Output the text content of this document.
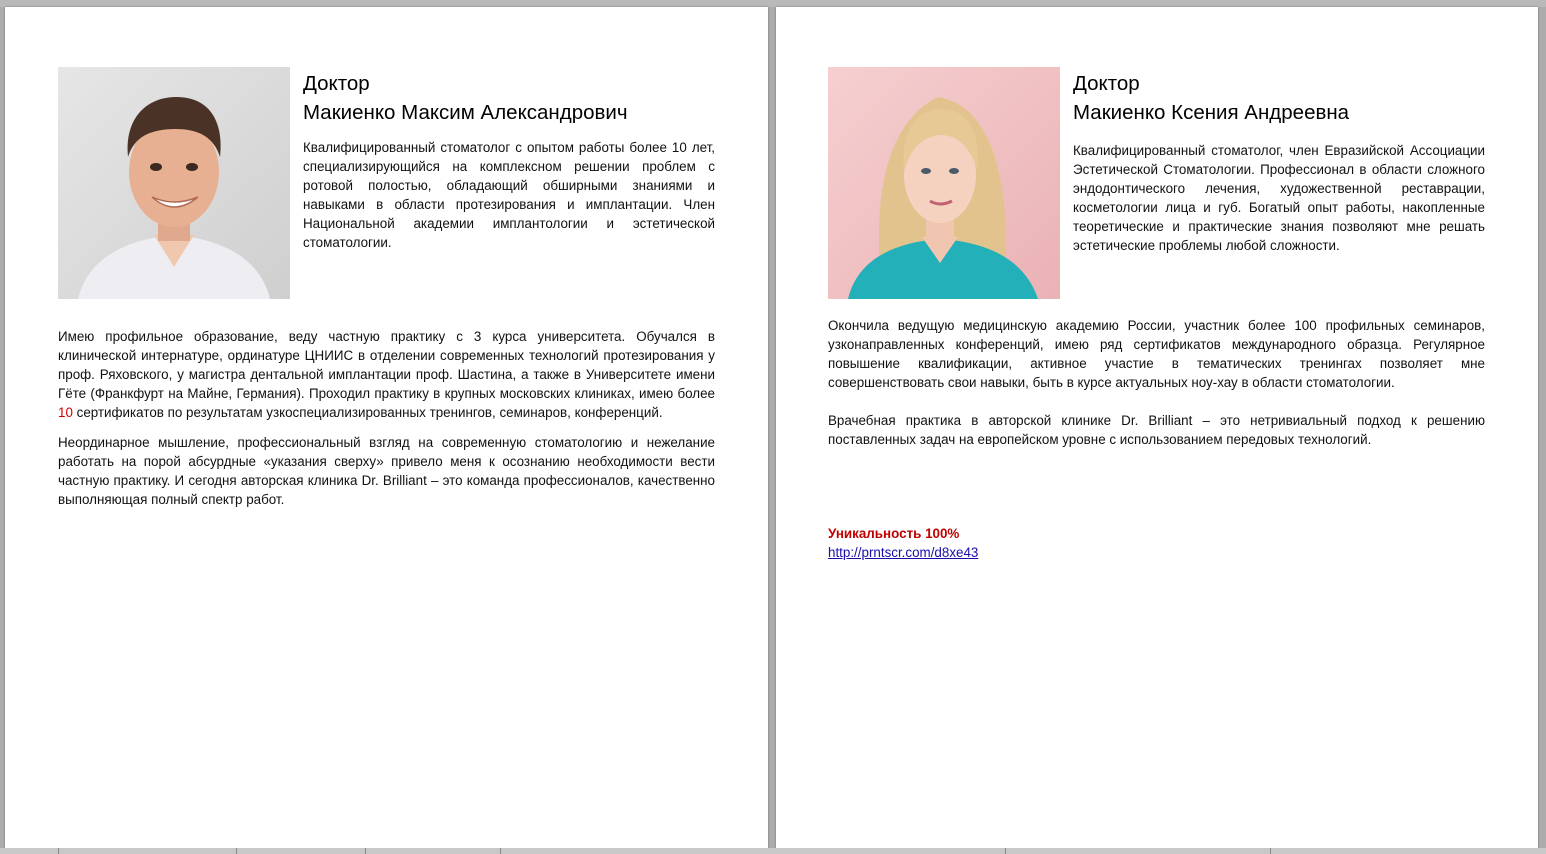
Доктор
Макиенко Максим Александрович

Квалифицированный стоматолог с опытом работы более 10 лет, специализирующийся на комплексном решении проблем с ротовой полостью, обладающий обширными знаниями и навыками в области протезирования и имплантации. Член Национальной академии имплантологии и эстетической стоматологии.

Имею профильное образование, веду частную практику с 3 курса университета. Обучался в клинической интернатуре, ординатуре ЦНИИС в отделении современных технологий протезирования у проф. Ряховского, у магистра дентальной имплантации проф. Шастина, а также в Университете имени Гёте (Франкфурт на Майне, Германия). Проходил практику в крупных московских клиниках, имею более 10 сертификатов по результатам узкоспециализированных тренингов, семинаров, конференций.

Неординарное мышление, профессиональный взгляд на современную стоматологию и нежелание работать на порой абсурдные «указания сверху» привело меня к осознанию необходимости вести частную практику. И сегодня авторская клиника Dr. Brilliant – это команда профессионалов, качественно выполняющая полный спектр работ.

Доктор
Макиенко Ксения Андреевна

Квалифицированный стоматолог, член Евразийской Ассоциации Эстетической Стоматологии. Профессионал в области сложного эндодонтического лечения, художественной реставрации, косметологии лица и губ. Богатый опыт работы, накопленные теоретические и практические знания позволяют мне решать эстетические проблемы любой сложности.

Окончила ведущую медицинскую академию России, участник более 100 профильных семинаров, узконаправленных конференций, имею ряд сертификатов международного образца. Регулярное повышение квалификации, активное участие в тематических тренингах позволяет мне совершенствовать свои навыки, быть в курсе актуальных ноу-хау в области стоматологии.

Врачебная практика в авторской клинике Dr. Brilliant – это нетривиальный подход к решению поставленных задач на европейском уровне с использованием передовых технологий.

Уникальность 100%
http://prntscr.com/d8xe43
